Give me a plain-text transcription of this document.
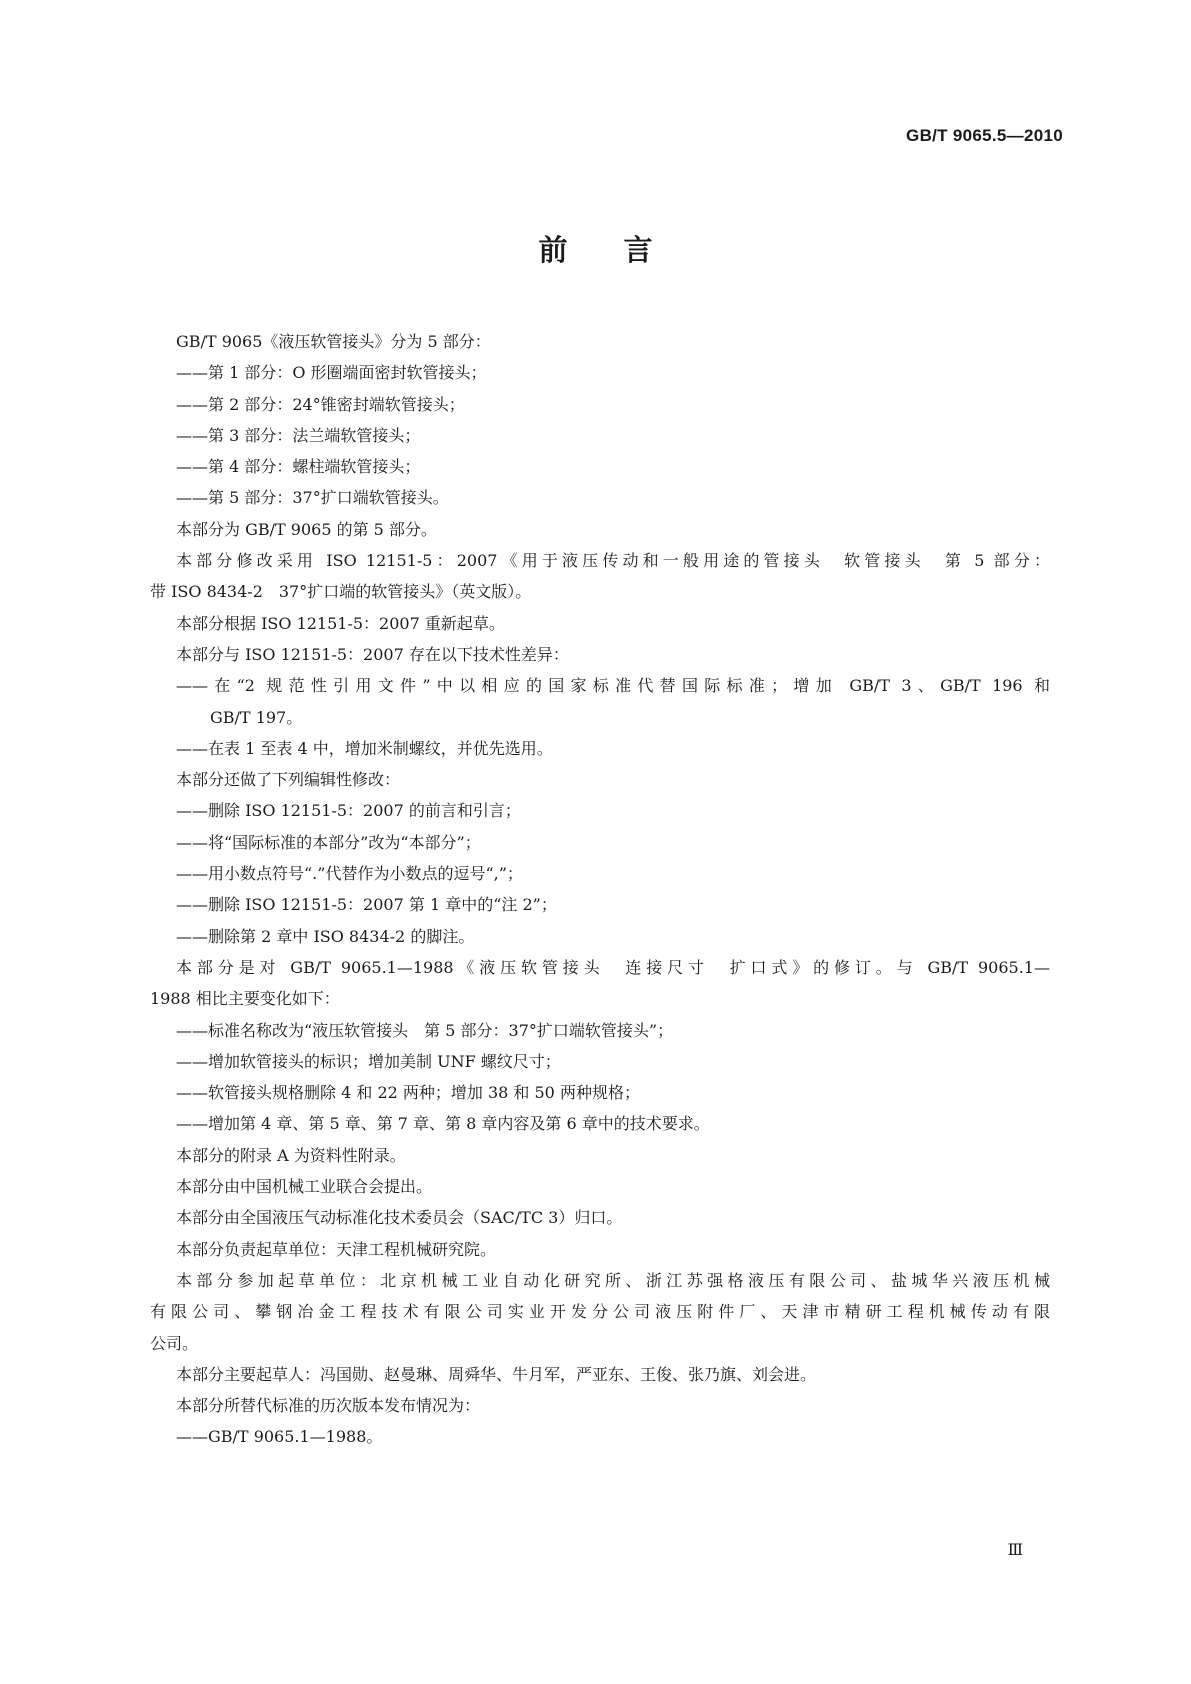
GB/T 9065.5—2010
前言
GB/T 9065《液压软管接头》分为 5 部分：
——第 1 部分：O 形圈端面密封软管接头；
——第 2 部分：24°锥密封端软管接头；
——第 3 部分：法兰端软管接头；
——第 4 部分：螺柱端软管接头；
——第 5 部分：37°扩口端软管接头。
本部分为 GB/T 9065 的第 5 部分。
本部分修改采用 ISO 12151-5：2007《用于液压传动和一般用途的管接头　软管接头　第 5 部分：
带 ISO 8434-2　37°扩口端的软管接头》（英文版）。
本部分根据 ISO 12151-5：2007 重新起草。
本部分与 ISO 12151-5：2007 存在以下技术性差异：
——在“2 规范性引用文件”中以相应的国家标准代替国际标准；增加 GB/T 3、GB/T 196 和
GB/T 197。
——在表 1 至表 4 中，增加米制螺纹，并优先选用。
本部分还做了下列编辑性修改：
——删除 ISO 12151-5：2007 的前言和引言；
——将“国际标准的本部分”改为“本部分”；
——用小数点符号“.”代替作为小数点的逗号“,”；
——删除 ISO 12151-5：2007 第 1 章中的“注 2”；
——删除第 2 章中 ISO 8434-2 的脚注。
本部分是对 GB/T 9065.1—1988《液压软管接头　连接尺寸　扩口式》的修订。与 GB/T 9065.1—
1988 相比主要变化如下：
——标准名称改为“液压软管接头　第 5 部分：37°扩口端软管接头”；
——增加软管接头的标识；增加美制 UNF 螺纹尺寸；
——软管接头规格删除 4 和 22 两种；增加 38 和 50 两种规格；
——增加第 4 章、第 5 章、第 7 章、第 8 章内容及第 6 章中的技术要求。
本部分的附录 A 为资料性附录。
本部分由中国机械工业联合会提出。
本部分由全国液压气动标准化技术委员会（SAC/TC 3）归口。
本部分负责起草单位：天津工程机械研究院。
本部分参加起草单位：北京机械工业自动化研究所、浙江苏强格液压有限公司、盐城华兴液压机械
有限公司、攀钢冶金工程技术有限公司实业开发分公司液压附件厂、天津市精研工程机械传动有限
公司。
本部分主要起草人：冯国勋、赵曼琳、周舜华、牛月军，严亚东、王俊、张乃旗、刘会进。
本部分所替代标准的历次版本发布情况为：
——GB/T 9065.1—1988。
Ⅲ
